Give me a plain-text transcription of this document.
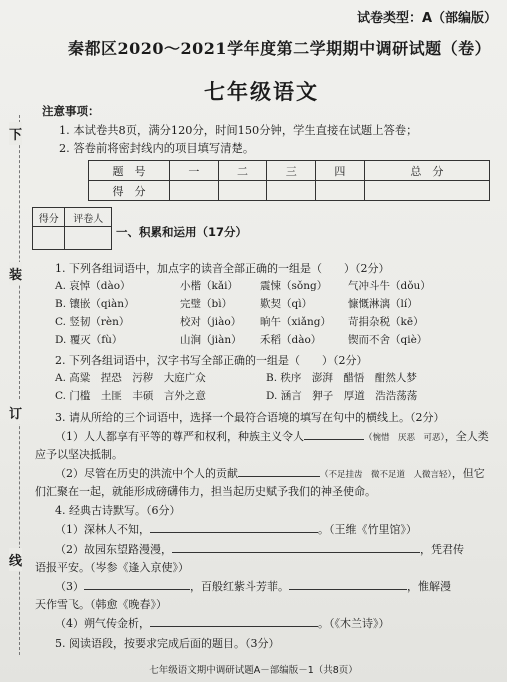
试卷类型：A（部编版）
秦都区2020～2021学年度第二学期期中调研试题（卷）
七年级语文
下
装
订
线
注意事项：
1. 本试卷共8页，满分120分，时间150分钟，学生直接在试题上答卷；
2. 答卷前将密封线内的项目填写清楚。
题　号	一	二	三	四	总　分
得　分					
得分	评卷人

一、积累和运用（17分）
1. 下列各组词语中，加点字的读音全部正确的一组是（　　）（2分）
A. 哀悼（dào）	小楷（kǎi） 震悚（sǒng） 气冲斗牛（dǒu）
B. 镶嵌（qiàn）	完璧（bì）	歎契（qì）	慷慨淋漓（lí）
C. 竖韧（rèn）	校对（jiào） 晌午（xiǎng） 苛捐杂税（kē）
D. 覆灭（fù）	山涧（jiàn） 禾稻（dào）	锲而不舍（qiè）
2. 下列各组词语中，汉字书写全部正确的一组是（　　）（2分）
A. 高粱　捏恐　污秽　大庭广众	B. 秩序　澎湃　醋悟　酣然人梦
C. 门槛　土匪　丰硕　言外之意	D. 涵言　狎子　厚道　浩浩荡荡
3. 请从所给的三个词语中，选择一个最符合语境的填写在句中的横线上。（2分）
（1）人人都享有平等的尊严和权利，种族主义令人	（惋惜　厌恶　可恶），全人类
应予以坚决抵制。
（2）尽管在历史的洪流中个人的贡献	（不足挂齿　微不足道　人微言轻），但它
们汇聚在一起，就能形成磅礴伟力，担当起历史赋予我们的神圣使命。
4. 经典古诗默写。（6分）
（1）深林人不知，	。（王维《竹里馆》）
（2）故园东望路漫漫，	，凭君传
语报平安。（岑参《逢入京使》）
（3）	，百般红紫斗芳菲。	，惟解漫
天作雪飞。（韩愈《晚春》）
（4）朔气传金析，	。（《木兰诗》）
5. 阅读语段，按要求完成后面的题目。（3分）
七年级语文期中调研试题A－部编版－1（共8页）
